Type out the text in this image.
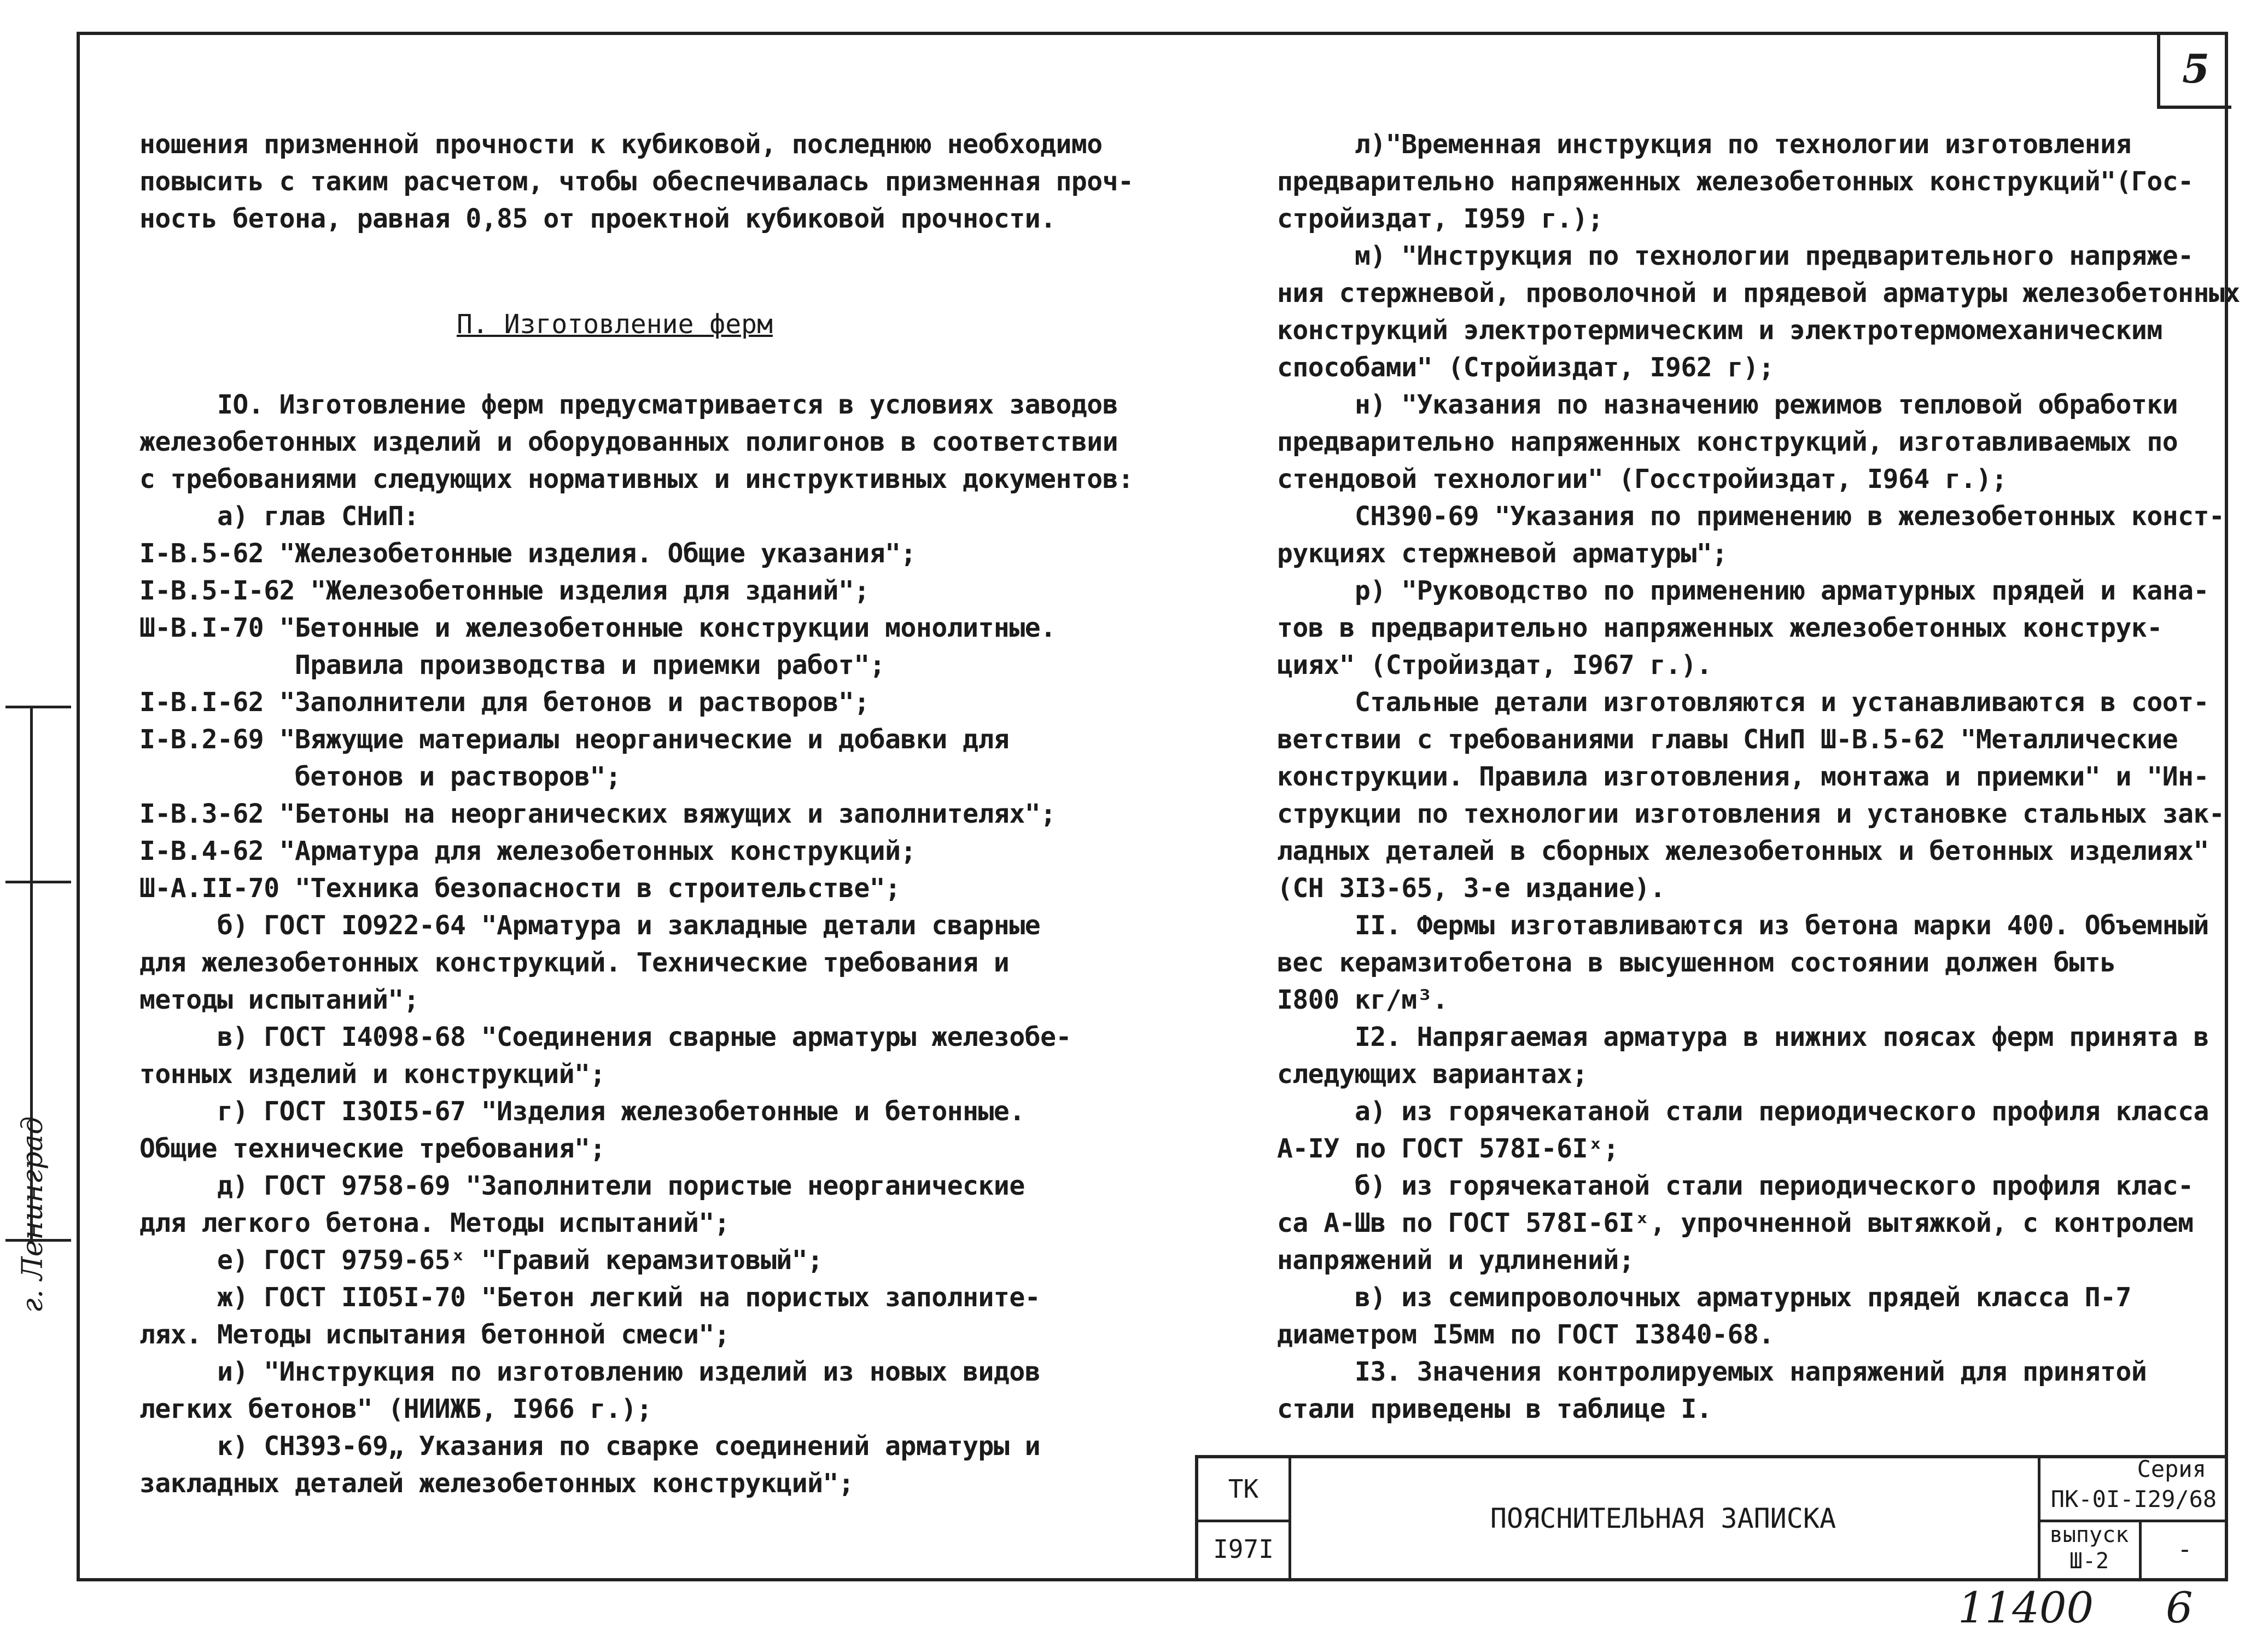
5
г. Ленинград
П. Изготовление ферм

ношения призменной прочности к кубиковой, последнюю необходимо

повысить с таким расчетом, чтобы обеспечивалась призменная проч-

ность бетона, равная 0,85 от проектной кубиковой прочности.

IO. Изготовление ферм предусматривается в условиях заводов

железобетонных изделий и оборудованных полигонов в соответствии

с требованиями следующих нормативных и инструктивных документов:

а) глав СНиП:

I-В.5-62 "Железобетонные изделия. Общие указания";

I-В.5-I-62 "Железобетонные изделия для зданий";

Ш-В.I-70 "Бетонные и железобетонные конструкции монолитные.

Правила производства и приемки работ";

I-В.I-62 "Заполнители для бетонов и растворов";

I-В.2-69 "Вяжущие материалы неорганические и добавки для

бетонов и растворов";

I-В.3-62 "Бетоны на неорганических вяжущих и заполнителях";

I-В.4-62 "Арматура для железобетонных конструкций;

Ш-А.II-70 "Техника безопасности в строительстве";

б) ГОСТ IO922-64 "Арматура и закладные детали сварные

для железобетонных конструкций. Технические требования и

методы испытаний";

в) ГОСТ I4098-68 "Соединения сварные арматуры железобе-

тонных изделий и конструкций";

г) ГОСТ I3OI5-67 "Изделия железобетонные и бетонные.

Общие технические требования";

д) ГОСТ 9758-69 "Заполнители пористые неорганические

для легкого бетона. Методы испытаний";

е) ГОСТ 9759-65ˣ "Гравий керамзитовый";

ж) ГОСТ IIO5I-70 "Бетон легкий на пористых заполните-

лях. Методы испытания бетонной смеси";

и) "Инструкция по изготовлению изделий из новых видов

легких бетонов" (НИИЖБ, I966 г.);

к) СН393-69„ Указания по сварке соединений арматуры и

закладных деталей железобетонных конструкций";

л)"Временная инструкция по технологии изготовления

предварительно напряженных железобетонных конструкций"(Гос-

стройиздат, I959 г.);

м) "Инструкция по технологии предварительного напряже-

ния стержневой, проволочной и прядевой арматуры железобетонных

конструкций электротермическим и электротермомеханическим

способами" (Стройиздат, I962 г);

н) "Указания по назначению режимов тепловой обработки

предварительно напряженных конструкций, изготавливаемых по

стендовой технологии" (Госстройиздат, I964 г.);

СН390-69 "Указания по применению в железобетонных конст-

рукциях стержневой арматуры";

р) "Руководство по применению арматурных прядей и кана-

тов в предварительно напряженных железобетонных конструк-

циях" (Стройиздат, I967 г.).

Стальные детали изготовляются и устанавливаются в соот-

ветствии с требованиями главы СНиП Ш-В.5-62 "Металлические

конструкции. Правила изготовления, монтажа и приемки" и "Ин-

струкции по технологии изготовления и установке стальных зак-

ладных деталей в сборных железобетонных и бетонных изделиях"

(СН 3I3-65, 3-е издание).

II. Фермы изготавливаются из бетона марки 400. Объемный

вес керамзитобетона в высушенном состоянии должен быть

I800 кг/м³.

I2. Напрягаемая арматура в нижних поясах ферм принята в

следующих вариантах;

а) из горячекатаной стали периодического профиля класса

А-IУ по ГОСТ 578I-6Iˣ;

б) из горячекатаной стали периодического профиля клас-

са А-Шв по ГОСТ 578I-6Iˣ, упрочненной вытяжкой, с контролем

напряжений и удлинений;

в) из семипроволочных арматурных прядей класса П-7

диаметром I5мм по ГОСТ I3840-68.

I3. Значения контролируемых напряжений для принятой

стали приведены в таблице I.

ТК
I97I
ПОЯСНИТЕЛЬНАЯ ЗАПИСКА
Серия
ПК-0I-I29/68
выпуск
Ш-2	-
11400 6
